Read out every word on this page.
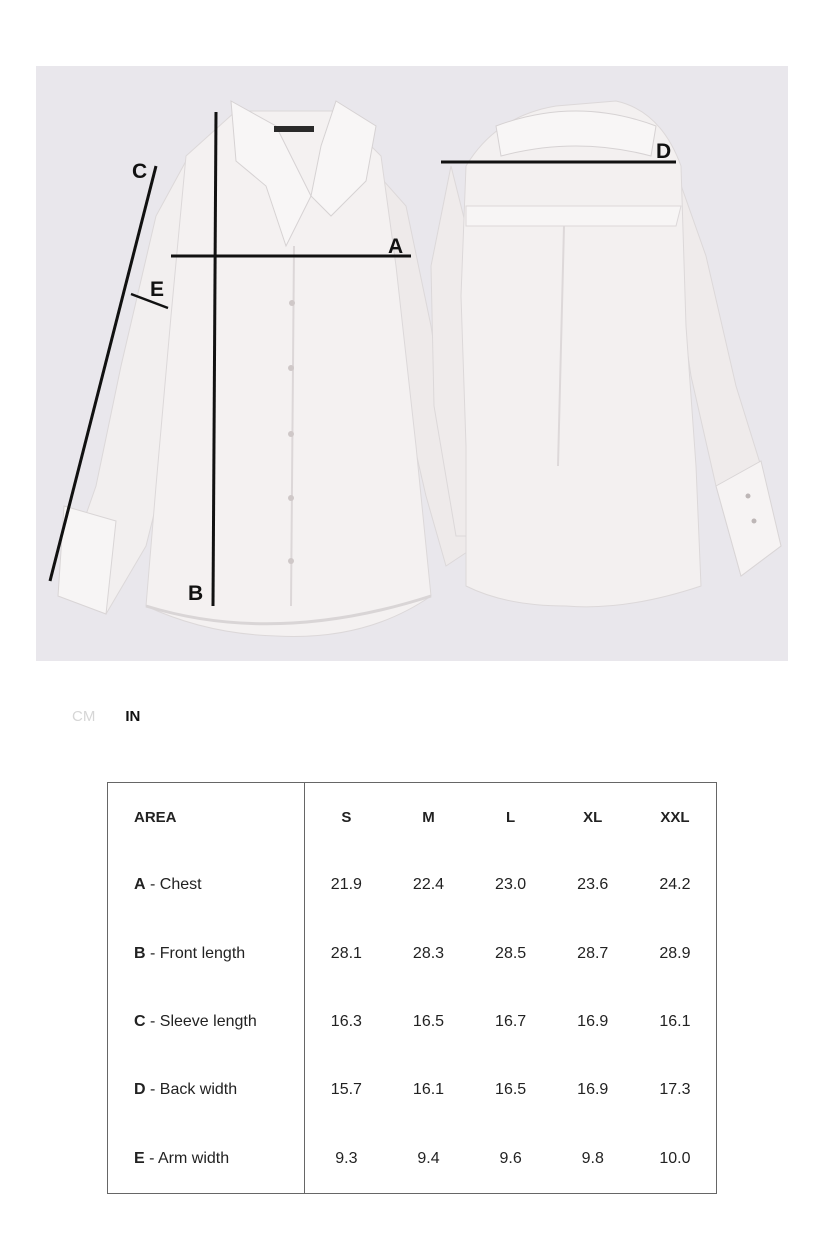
C
E
A
B
D
CM IN
AREA	S	M	L	XL	XXL

A - Chest	21.9	22.4	23.0	23.6	24.2

B - Front length	28.1	28.3	28.5	28.7	28.9

C - Sleeve length	16.3	16.5	16.7	16.9	16.1

D - Back width	15.7	16.1	16.5	16.9	17.3

E - Arm width	9.3	9.4	9.6	9.8	10.0
